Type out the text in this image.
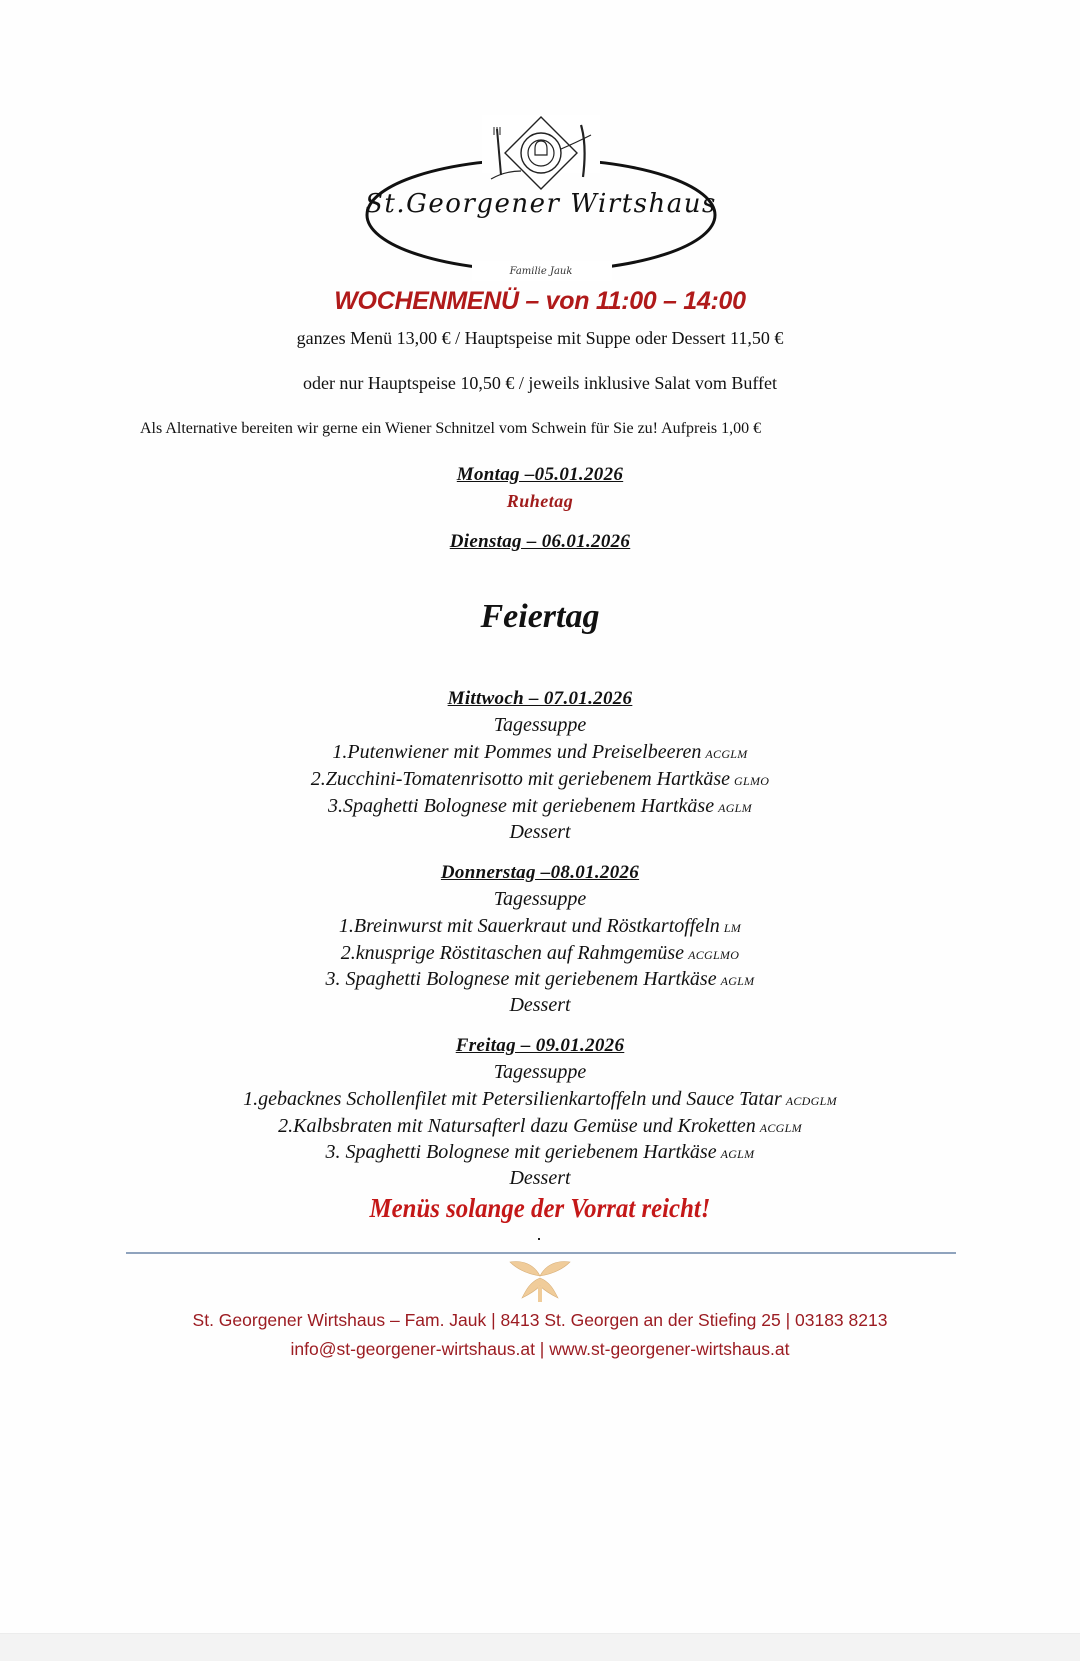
St.Georgener Wirtshaus
Familie Jauk
WOCHENMENÜ – von 11:00 – 14:00
ganzes Menü 13,00 € / Hauptspeise mit Suppe oder Dessert 11,50 €
oder nur Hauptspeise 10,50 € / jeweils inklusive Salat vom Buffet
Als Alternative bereiten wir gerne ein Wiener Schnitzel vom Schwein für Sie zu! Aufpreis 1,00 €
Montag –05.01.2026
Ruhetag
Dienstag – 06.01.2026
Feiertag
Mittwoch – 07.01.2026
Tagessuppe
1.Putenwiener mit Pommes und Preiselbeeren ACGLM
2.Zucchini-Tomatenrisotto mit geriebenem Hartkäse GLMO
3.Spaghetti Bolognese mit geriebenem Hartkäse AGLM
Dessert
Donnerstag –08.01.2026
Tagessuppe
1.Breinwurst mit Sauerkraut und Röstkartoffeln LM
2.knusprige Röstitaschen auf Rahmgemüse ACGLMO
3. Spaghetti Bolognese mit geriebenem Hartkäse AGLM
Dessert
Freitag – 09.01.2026
Tagessuppe
1.gebacknes Schollenfilet mit Petersilienkartoffeln und Sauce Tatar ACDGLM
2.Kalbsbraten mit Natursafterl dazu Gemüse und Kroketten ACGLM
3. Spaghetti Bolognese mit geriebenem Hartkäse AGLM
Dessert
Menüs solange der Vorrat reicht!
St. Georgener Wirtshaus – Fam. Jauk | 8413 St. Georgen an der Stiefing 25 | 03183 8213
info@st-georgener-wirtshaus.at | www.st-georgener-wirtshaus.at
